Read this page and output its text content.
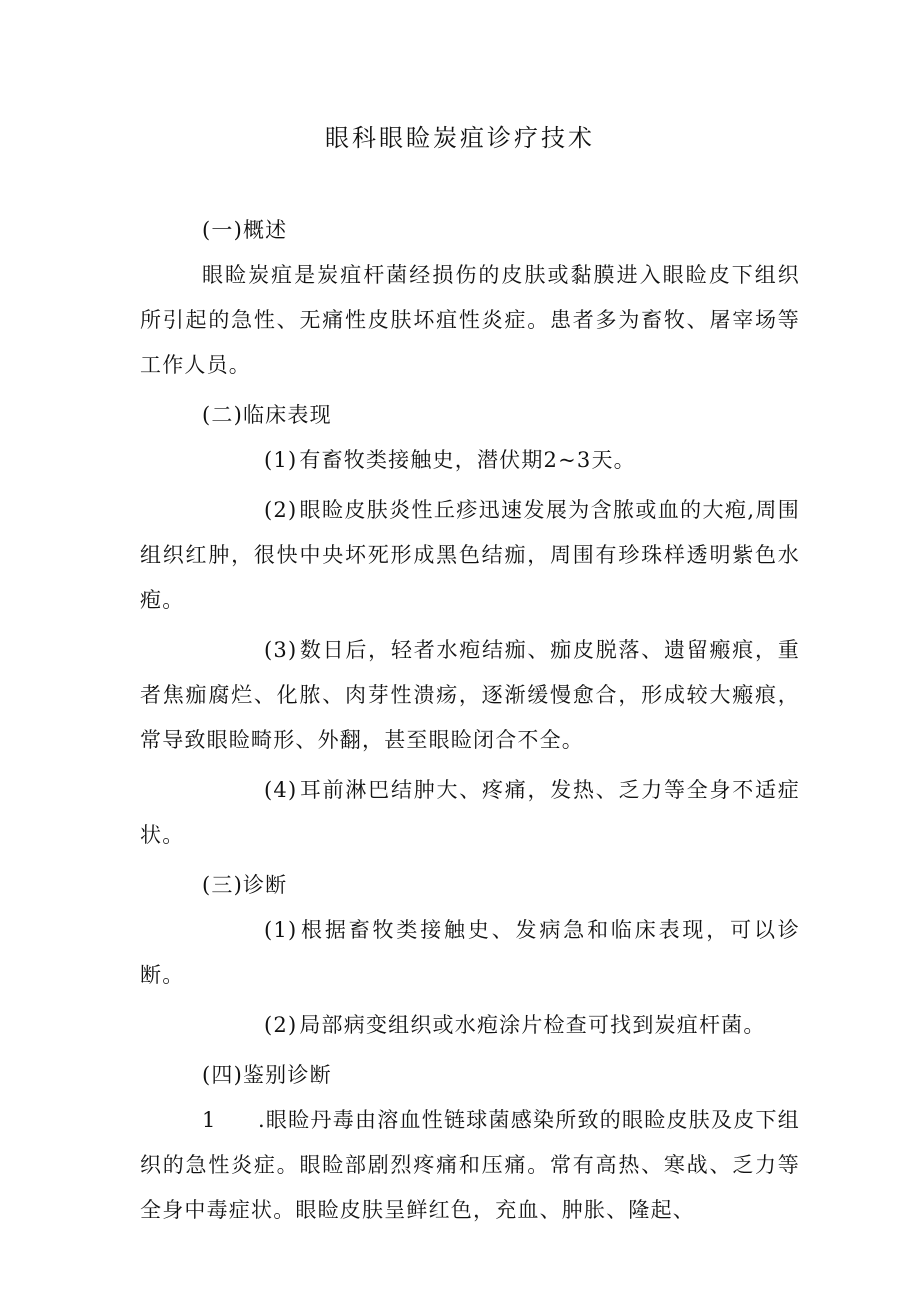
眼科眼睑炭疽诊疗技术

(一)概述

眼睑炭疽是炭疽杆菌经损伤的皮肤或黏膜进入眼睑皮下组织所引起的急性、无痛性皮肤坏疽性炎症。患者多为畜牧、屠宰场等工作人员。

(二)临床表现

(1)有畜牧类接触史，潜伏期2~3天。

(2)眼睑皮肤炎性丘疹迅速发展为含脓或血的大疱,周围组织红肿，很快中央坏死形成黑色结痂，周围有珍珠样透明紫色水疱。

(3)数日后，轻者水疱结痂、痂皮脱落、遗留瘢痕，重者焦痂腐烂、化脓、肉芽性溃疡，逐渐缓慢愈合，形成较大瘢痕，常导致眼睑畸形、外翻，甚至眼睑闭合不全。

(4)耳前淋巴结肿大、疼痛，发热、乏力等全身不适症状。

(三)诊断

(1)根据畜牧类接触史、发病急和临床表现，可以诊断。

(2)局部病变组织或水疱涂片检查可找到炭疽杆菌。

(四)鉴别诊断

1 .眼睑丹毒由溶血性链球菌感染所致的眼睑皮肤及皮下组织的急性炎症。眼睑部剧烈疼痛和压痛。常有高热、寒战、乏力等全身中毒症状。眼睑皮肤呈鲜红色，充血、肿胀、隆起、
